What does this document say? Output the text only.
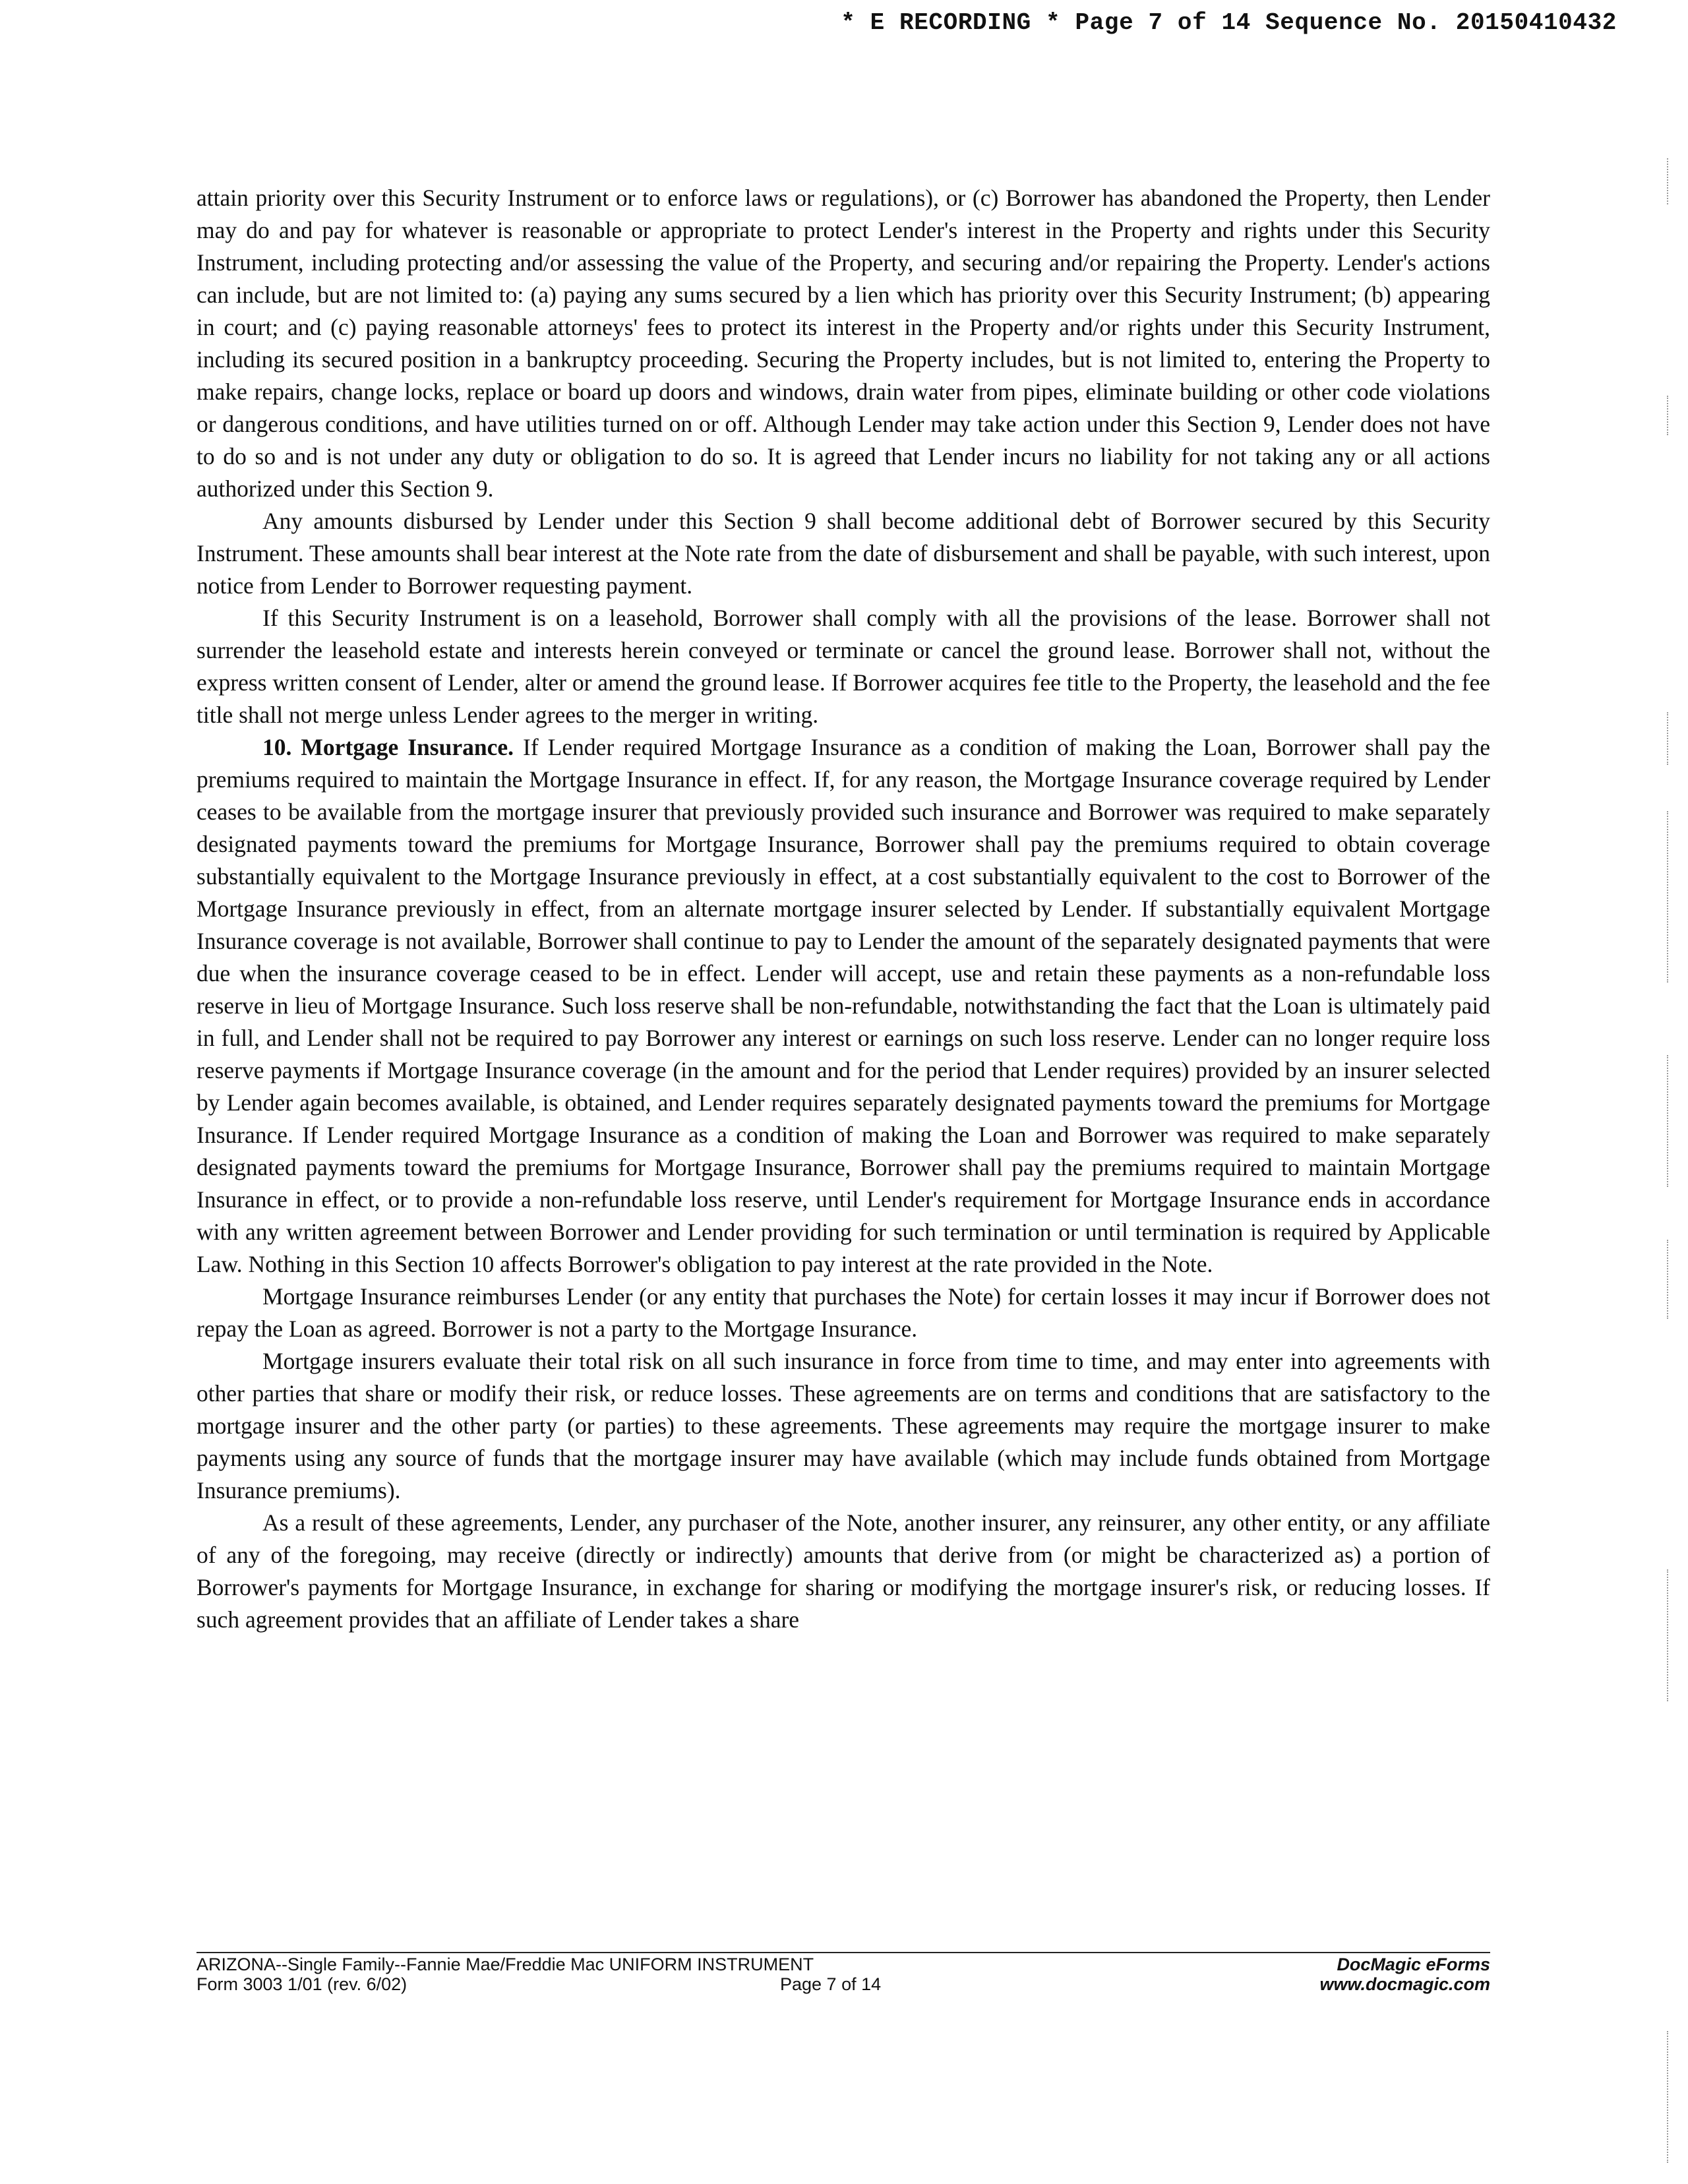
* E RECORDING * Page 7 of 14 Sequence No. 20150410432

attain priority over this Security Instrument or to enforce laws or regulations), or (c) Borrower has abandoned the Property, then Lender may do and pay for whatever is reasonable or appropriate to protect Lender's interest in the Property and rights under this Security Instrument, including protecting and/or assessing the value of the Property, and securing and/or repairing the Property. Lender's actions can include, but are not limited to: (a) paying any sums secured by a lien which has priority over this Security Instrument; (b) appearing in court; and (c) paying reasonable attorneys' fees to protect its interest in the Property and/or rights under this Security Instrument, including its secured position in a bankruptcy proceeding. Securing the Property includes, but is not limited to, entering the Property to make repairs, change locks, replace or board up doors and windows, drain water from pipes, eliminate building or other code violations or dangerous conditions, and have utilities turned on or off. Although Lender may take action under this Section 9, Lender does not have to do so and is not under any duty or obligation to do so. It is agreed that Lender incurs no liability for not taking any or all actions authorized under this Section 9.

Any amounts disbursed by Lender under this Section 9 shall become additional debt of Borrower secured by this Security Instrument. These amounts shall bear interest at the Note rate from the date of disbursement and shall be payable, with such interest, upon notice from Lender to Borrower requesting payment.

If this Security Instrument is on a leasehold, Borrower shall comply with all the provisions of the lease. Borrower shall not surrender the leasehold estate and interests herein conveyed or terminate or cancel the ground lease. Borrower shall not, without the express written consent of Lender, alter or amend the ground lease. If Borrower acquires fee title to the Property, the leasehold and the fee title shall not merge unless Lender agrees to the merger in writing.

10. Mortgage Insurance. If Lender required Mortgage Insurance as a condition of making the Loan, Borrower shall pay the premiums required to maintain the Mortgage Insurance in effect. If, for any reason, the Mortgage Insurance coverage required by Lender ceases to be available from the mortgage insurer that previously provided such insurance and Borrower was required to make separately designated payments toward the premiums for Mortgage Insurance, Borrower shall pay the premiums required to obtain coverage substantially equivalent to the Mortgage Insurance previously in effect, at a cost substantially equivalent to the cost to Borrower of the Mortgage Insurance previously in effect, from an alternate mortgage insurer selected by Lender. If substantially equivalent Mortgage Insurance coverage is not available, Borrower shall continue to pay to Lender the amount of the separately designated payments that were due when the insurance coverage ceased to be in effect. Lender will accept, use and retain these payments as a non-refundable loss reserve in lieu of Mortgage Insurance. Such loss reserve shall be non-refundable, notwithstanding the fact that the Loan is ultimately paid in full, and Lender shall not be required to pay Borrower any interest or earnings on such loss reserve. Lender can no longer require loss reserve payments if Mortgage Insurance coverage (in the amount and for the period that Lender requires) provided by an insurer selected by Lender again becomes available, is obtained, and Lender requires separately designated payments toward the premiums for Mortgage Insurance. If Lender required Mortgage Insurance as a condition of making the Loan and Borrower was required to make separately designated payments toward the premiums for Mortgage Insurance, Borrower shall pay the premiums required to maintain Mortgage Insurance in effect, or to provide a non-refundable loss reserve, until Lender's requirement for Mortgage Insurance ends in accordance with any written agreement between Borrower and Lender providing for such termination or until termination is required by Applicable Law. Nothing in this Section 10 affects Borrower's obligation to pay interest at the rate provided in the Note.

Mortgage Insurance reimburses Lender (or any entity that purchases the Note) for certain losses it may incur if Borrower does not repay the Loan as agreed. Borrower is not a party to the Mortgage Insurance.

Mortgage insurers evaluate their total risk on all such insurance in force from time to time, and may enter into agreements with other parties that share or modify their risk, or reduce losses. These agreements are on terms and conditions that are satisfactory to the mortgage insurer and the other party (or parties) to these agreements. These agreements may require the mortgage insurer to make payments using any source of funds that the mortgage insurer may have available (which may include funds obtained from Mortgage Insurance premiums).

As a result of these agreements, Lender, any purchaser of the Note, another insurer, any reinsurer, any other entity, or any affiliate of any of the foregoing, may receive (directly or indirectly) amounts that derive from (or might be characterized as) a portion of Borrower's payments for Mortgage Insurance, in exchange for sharing or modifying the mortgage insurer's risk, or reducing losses. If such agreement provides that an affiliate of Lender takes a share

ARIZONA--Single Family--Fannie Mae/Freddie Mac UNIFORM INSTRUMENT
Form 3003 1/01 (rev. 6/02)	Page 7 of 14
DocMagic eForms
www.docmagic.com
